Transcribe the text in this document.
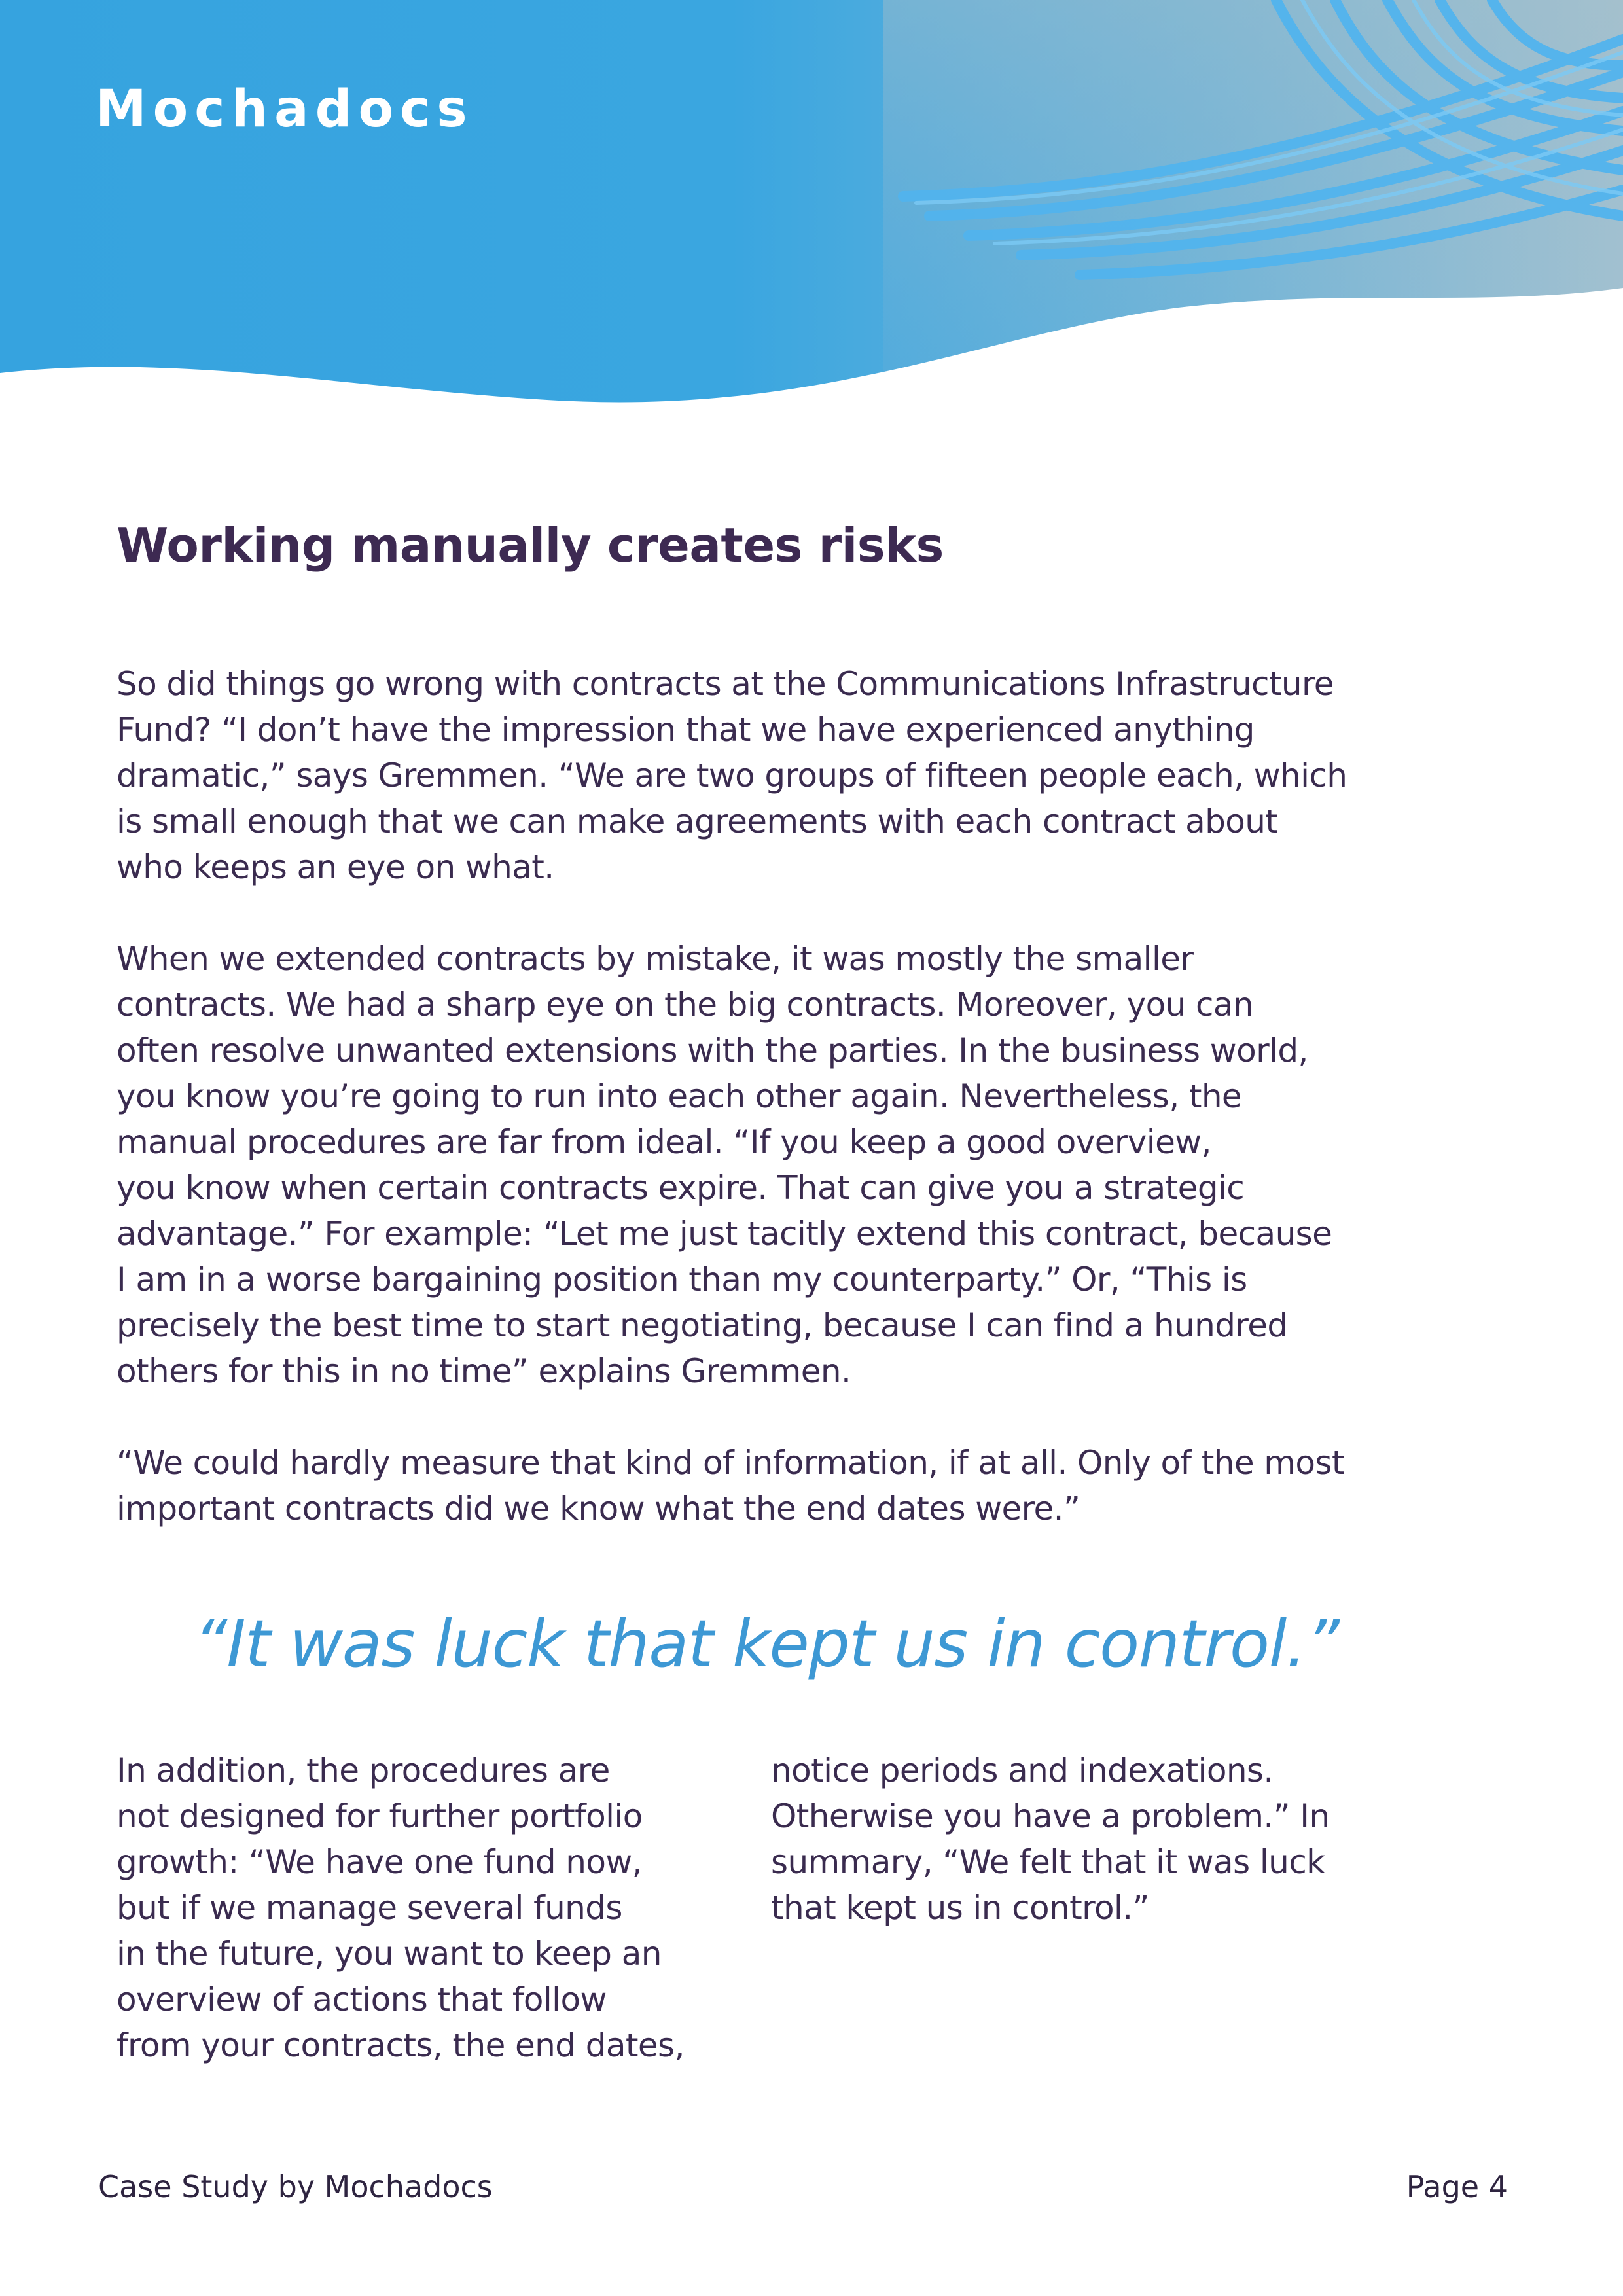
Mochadocs
Working manually creates risks

So did things go wrong with contracts at the Communications Infrastructure
Fund? “I don’t have the impression that we have experienced anything
dramatic,” says Gremmen. “We are two groups of fifteen people each, which
is small enough that we can make agreements with each contract about
who keeps an eye on what.

When we extended contracts by mistake, it was mostly the smaller
contracts. We had a sharp eye on the big contracts. Moreover, you can
often resolve unwanted extensions with the parties. In the business world,
you know you’re going to run into each other again. Nevertheless, the
manual procedures are far from ideal. “If you keep a good overview,
you know when certain contracts expire. That can give you a strategic
advantage.” For example: “Let me just tacitly extend this contract, because
I am in a worse bargaining position than my counterparty.” Or, “This is
precisely the best time to start negotiating, because I can find a hundred
others for this in no time” explains Gremmen.

“We could hardly measure that kind of information, if at all. Only of the most
important contracts did we know what the end dates were.”

“It was luck that kept us in control.”

In addition, the procedures are
not designed for further portfolio
growth: “We have one fund now,
but if we manage several funds
in the future, you want to keep an
overview of actions that follow
from your contracts, the end dates,

notice periods and indexations.
Otherwise you have a problem.” In
summary, “We felt that it was luck
that kept us in control.”

Case Study by Mochadocs	Page 4
